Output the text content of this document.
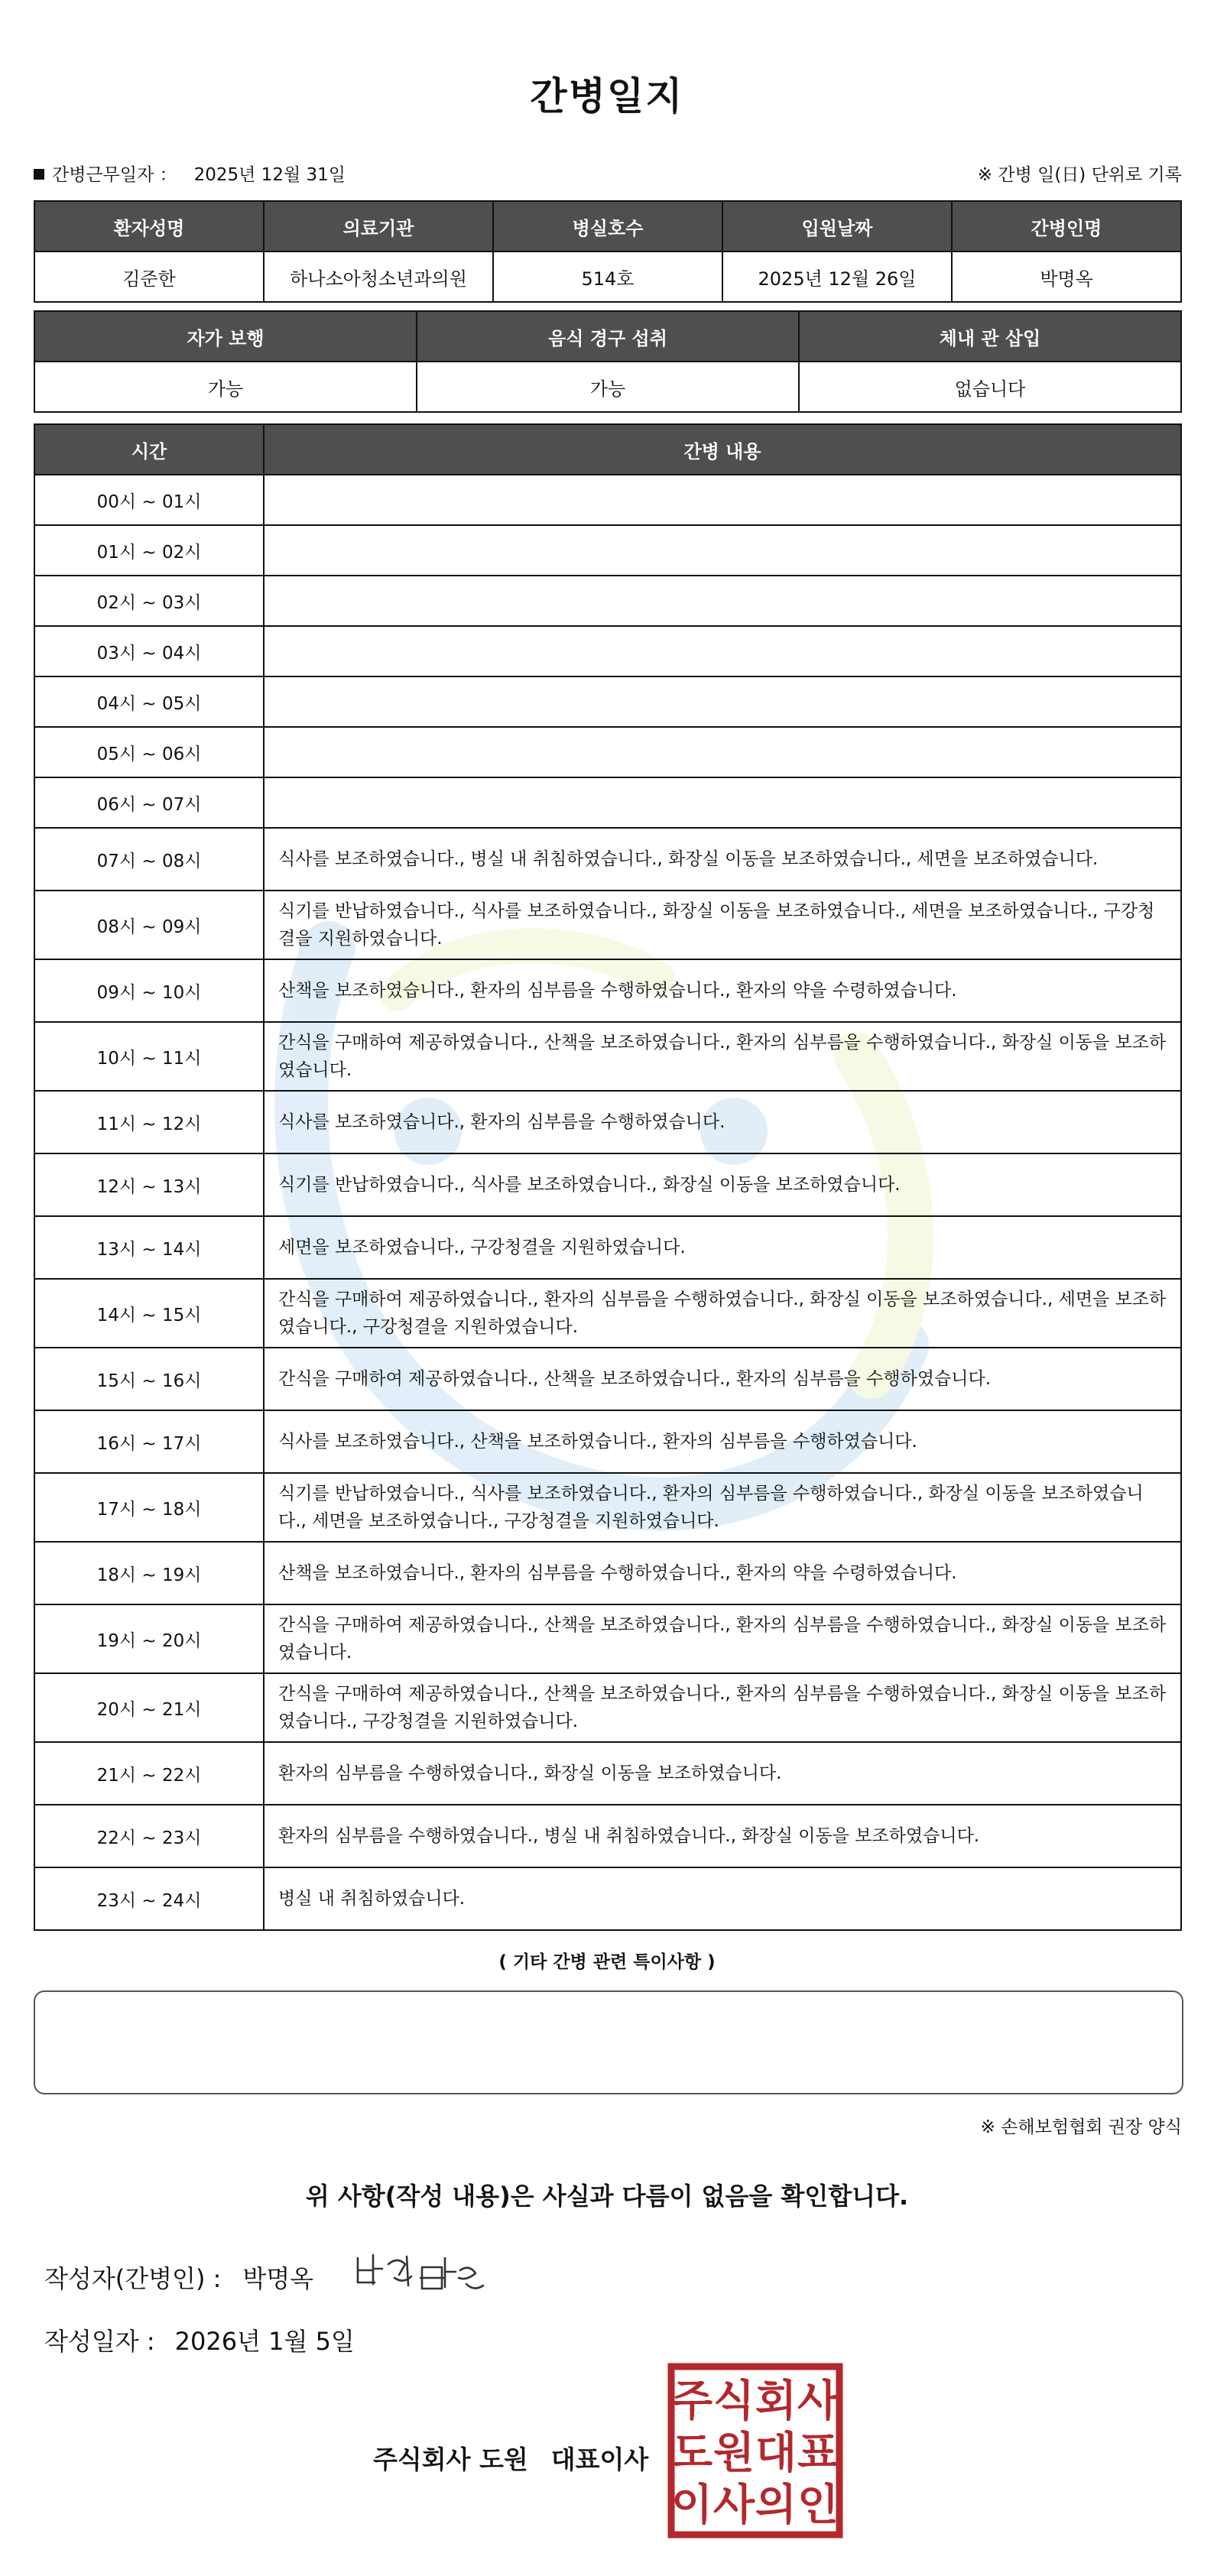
간병일지
간병근무일자 ： 2025년 12월 31일	※ 간병 일(日) 단위로 기록
환자성명	의료기관	병실호수	입원날짜	간병인명
김준한	하나소아청소년과의원	514호	2025년 12월 26일	박명옥
자가 보행	음식 경구 섭취	체내 관 삽입
가능	가능	없습니다
시간	간병 내용
00시 ~ 01시	
01시 ~ 02시	
02시 ~ 03시	
03시 ~ 04시	
04시 ~ 05시	
05시 ~ 06시	
06시 ~ 07시	
07시 ~ 08시	식사를 보조하였습니다., 병실 내 취침하였습니다., 화장실 이동을 보조하였습니다., 세면을 보조하였습니다.
08시 ~ 09시	식기를 반납하였습니다., 식사를 보조하였습니다., 화장실 이동을 보조하였습니다., 세면을 보조하였습니다., 구강청결을 지원하였습니다.
09시 ~ 10시	산책을 보조하였습니다., 환자의 심부름을 수행하였습니다., 환자의 약을 수령하였습니다.
10시 ~ 11시	간식을 구매하여 제공하였습니다., 산책을 보조하였습니다., 환자의 심부름을 수행하였습니다., 화장실 이동을 보조하였습니다.
11시 ~ 12시	식사를 보조하였습니다., 환자의 심부름을 수행하였습니다.
12시 ~ 13시	식기를 반납하였습니다., 식사를 보조하였습니다., 화장실 이동을 보조하였습니다.
13시 ~ 14시	세면을 보조하였습니다., 구강청결을 지원하였습니다.
14시 ~ 15시	간식을 구매하여 제공하였습니다., 환자의 심부름을 수행하였습니다., 화장실 이동을 보조하였습니다., 세면을 보조하였습니다., 구강청결을 지원하였습니다.
15시 ~ 16시	간식을 구매하여 제공하였습니다., 산책을 보조하였습니다., 환자의 심부름을 수행하였습니다.
16시 ~ 17시	식사를 보조하였습니다., 산책을 보조하였습니다., 환자의 심부름을 수행하였습니다.
17시 ~ 18시	식기를 반납하였습니다., 식사를 보조하였습니다., 환자의 심부름을 수행하였습니다., 화장실 이동을 보조하였습니다., 세면을 보조하였습니다., 구강청결을 지원하였습니다.
18시 ~ 19시	산책을 보조하였습니다., 환자의 심부름을 수행하였습니다., 환자의 약을 수령하였습니다.
19시 ~ 20시	간식을 구매하여 제공하였습니다., 산책을 보조하였습니다., 환자의 심부름을 수행하였습니다., 화장실 이동을 보조하였습니다.
20시 ~ 21시	간식을 구매하여 제공하였습니다., 산책을 보조하였습니다., 환자의 심부름을 수행하였습니다., 화장실 이동을 보조하였습니다., 구강청결을 지원하였습니다.
21시 ~ 22시	환자의 심부름을 수행하였습니다., 화장실 이동을 보조하였습니다.
22시 ~ 23시	환자의 심부름을 수행하였습니다., 병실 내 취침하였습니다., 화장실 이동을 보조하였습니다.
23시 ~ 24시	병실 내 취침하였습니다.
( 기타 간병 관련 특이사항 )
※ 손해보험협회 권장 양식
위 사항(작성 내용)은 사실과 다름이 없음을 확인합니다.
작성자(간병인) : 박명옥
작성일자 : 2026년 1월 5일
주식회사 도원 대표이사
주 식 회 사
도 원 대 표
이 사 의 인
